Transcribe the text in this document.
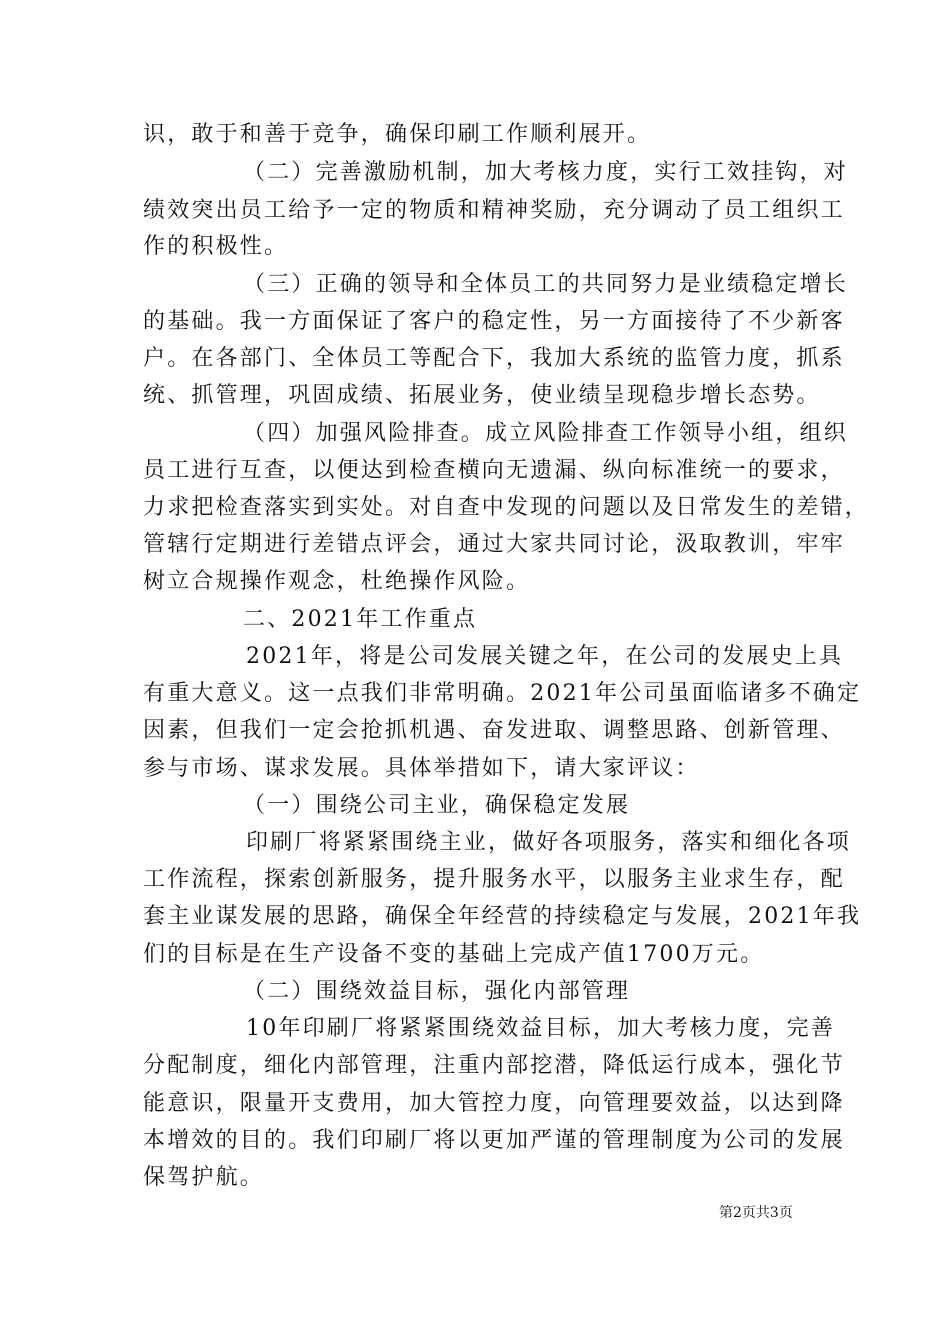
识，敢于和善于竞争，确保印刷工作顺利展开。
（二）完善激励机制，加大考核力度，实行工效挂钩，对
绩效突出员工给予一定的物质和精神奖励，充分调动了员工组织工
作的积极性。
（三）正确的领导和全体员工的共同努力是业绩稳定增长
的基础。我一方面保证了客户的稳定性，另一方面接待了不少新客
户。在各部门、全体员工等配合下，我加大系统的监管力度，抓系
统、抓管理，巩固成绩、拓展业务，使业绩呈现稳步增长态势。
（四）加强风险排查。成立风险排查工作领导小组，组织
员工进行互查，以便达到检查横向无遗漏、纵向标准统一的要求，
力求把检查落实到实处。对自查中发现的问题以及日常发生的差错，
管辖行定期进行差错点评会，通过大家共同讨论，汲取教训，牢牢
树立合规操作观念，杜绝操作风险。
二、2021年工作重点
2021年，将是公司发展关键之年，在公司的发展史上具
有重大意义。这一点我们非常明确。2021年公司虽面临诸多不确定
因素，但我们一定会抢抓机遇、奋发进取、调整思路、创新管理、
参与市场、谋求发展。具体举措如下，请大家评议：
（一）围绕公司主业，确保稳定发展
印刷厂将紧紧围绕主业，做好各项服务，落实和细化各项
工作流程，探索创新服务，提升服务水平，以服务主业求生存，配
套主业谋发展的思路，确保全年经营的持续稳定与发展，2021年我
们的目标是在生产设备不变的基础上完成产值1700万元。
（二）围绕效益目标，强化内部管理
10年印刷厂将紧紧围绕效益目标，加大考核力度，完善
分配制度，细化内部管理，注重内部挖潜，降低运行成本，强化节
能意识，限量开支费用，加大管控力度，向管理要效益，以达到降
本增效的目的。我们印刷厂将以更加严谨的管理制度为公司的发展
保驾护航。
第2页共3页
